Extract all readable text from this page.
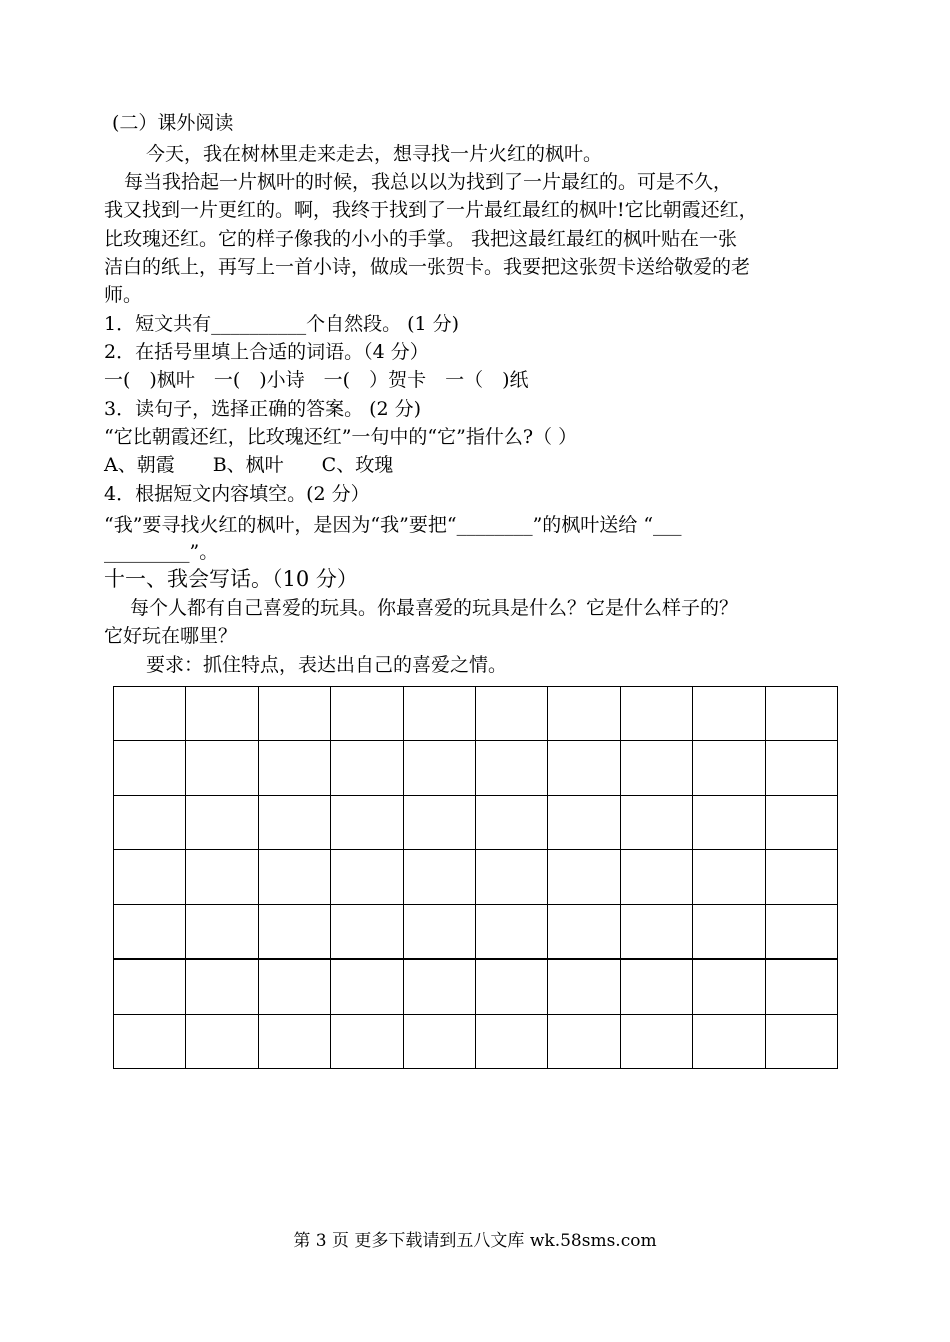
(二）课外阅读
今天，我在树林里走来走去，想寻找一片火红的枫叶。
每当我拾起一片枫叶的时候，我总以以为找到了一片最红的。可是不久，
我又找到一片更红的。啊，我终于找到了一片最红最红的枫叶!它比朝霞还红，
比玫瑰还红。它的样子像我的小小的手掌。 我把这最红最红的枫叶贴在一张
洁白的纸上，再写上一首小诗，做成一张贺卡。我要把这张贺卡送给敬爱的老
师。
1．短文共有__________个自然段。 (1 分)
2．在括号里填上合适的词语。（4 分）
一(　)枫叶　一(　)小诗　一(　）贺卡　一（　)纸
3．读句子，选择正确的答案。 (2 分)
“它比朝霞还红，比玫瑰还红”一句中的“它”指什么?（ ）
A、朝霞　　B、枫叶　　C、玫瑰
4．根据短文内容填空。(2 分）
“我”要寻找火红的枫叶，是因为“我”要把“________”的枫叶送给 “___
_________”。
十一、我会写话。（10 分）
每个人都有自己喜爱的玩具。你最喜爱的玩具是什么？它是什么样子的？
它好玩在哪里？
要求：抓住特点，表达出自己的喜爱之情。

第 3 页 更多下载请到五八文库 wk.58sms.com
